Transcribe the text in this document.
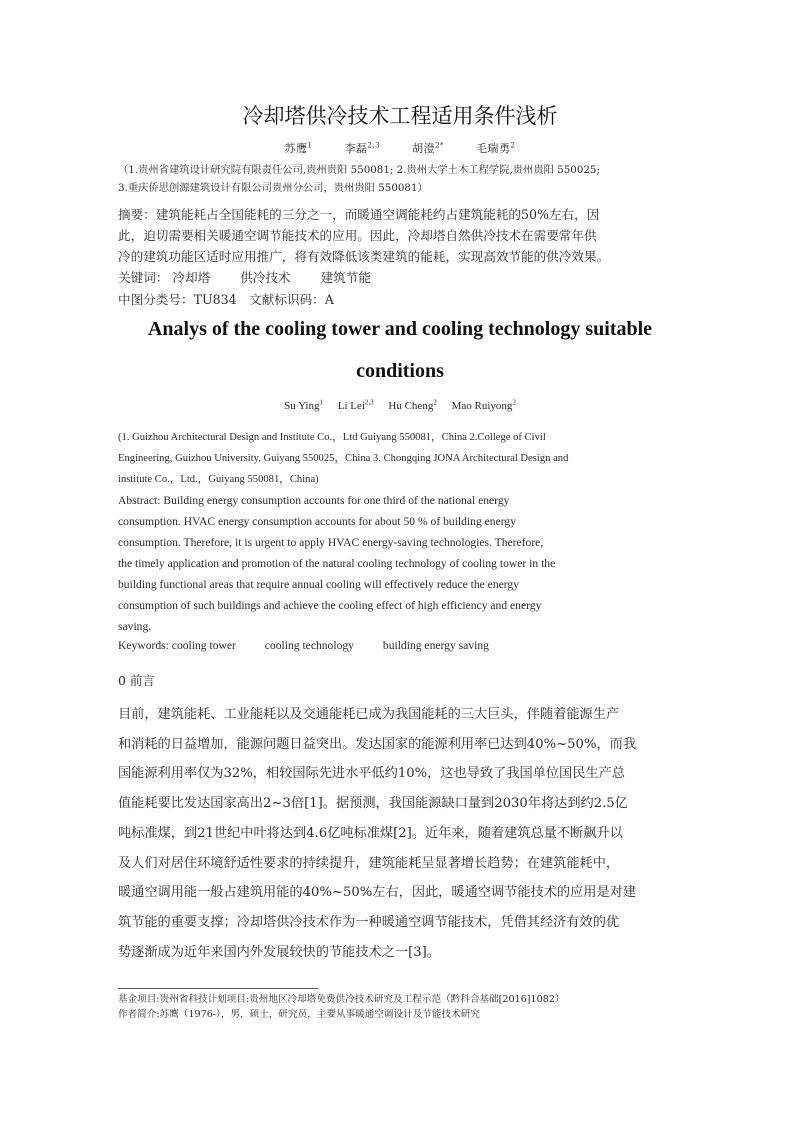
冷却塔供冷技术工程适用条件浅析
苏鹰$^1$	李磊$^{2,3}$	胡澄$^{2*}$	毛瑞勇$^2$
（1.贵州省建筑设计研究院有限责任公司,贵州贵阳 550081; 2.贵州大学土木工程学院,贵州贵阳 550025;
3.重庆侨思创源建筑设计有限公司贵州分公司，贵州贵阳 550081）
摘要：建筑能耗占全国能耗的三分之一，而暖通空调能耗约占建筑能耗的50%左右，因
此，迫切需要相关暖通空调节能技术的应用。因此，冷却塔自然供冷技术在需要常年供
冷的建筑功能区适时应用推广，将有效降低该类建筑的能耗，实现高效节能的供冷效果。
关键词： 冷却塔 供冷技术 建筑节能
中图分类号：TU834　文献标识码：A
Analys of the cooling tower and cooling technology suitable
conditions
Su Ying$^1$ Li Lei$^{2,3}$ Hu Cheng$^2$ Mao Ruiyong$^2$
(1. Guizhou Architectural Design and Institute Co.，Ltd Guiyang 550081，China 2.College of Civil
Engineering, Guizhou University, Guiyang 550025，China 3. Chongqing JONA Architectural Design and
institute Co.，Ltd.，Guiyang 550081，China)
Abstract: Building energy consumption accounts for one third of the national energy
consumption. HVAC energy consumption accounts for about 50 % of building energy
consumption. Therefore, it is urgent to apply HVAC energy-saving technologies. Therefore,
the timely application and promotion of the natural cooling technology of cooling tower in the
building functional areas that require annual cooling will effectively reduce the energy
consumption of such buildings and achieve the cooling effect of high efficiency and energy
saving.
Keywords: cooling tower cooling technology building energy saving
0 前言

目前，建筑能耗、工业能耗以及交通能耗已成为我国能耗的三大巨头，伴随着能源生产

和消耗的日益增加，能源问题日益突出。发达国家的能源利用率已达到40%~50%，而我

国能源利用率仅为32%，相较国际先进水平低约10%，这也导致了我国单位国民生产总

值能耗要比发达国家高出2~3倍[1]。据预测，我国能源缺口量到2030年将达到约2.5亿

吨标准煤，到21世纪中叶将达到4.6亿吨标准煤[2]。近年来，随着建筑总量不断飙升以

及人们对居住环境舒适性要求的持续提升，建筑能耗呈显著增长趋势；在建筑能耗中，

暖通空调用能一般占建筑用能的40%~50%左右，因此，暖通空调节能技术的应用是对建

筑节能的重要支撑；冷却塔供冷技术作为一种暖通空调节能技术，凭借其经济有效的优

势逐渐成为近年来国内外发展较快的节能技术之一[3]。

基金项目:贵州省科技计划项目:贵州地区冷却塔免费供冷技术研究及工程示范（黔科合基础[2016]1082）
作者简介:苏鹰（1976-），男，硕士，研究员，主要从事暖通空调设计及节能技术研究
